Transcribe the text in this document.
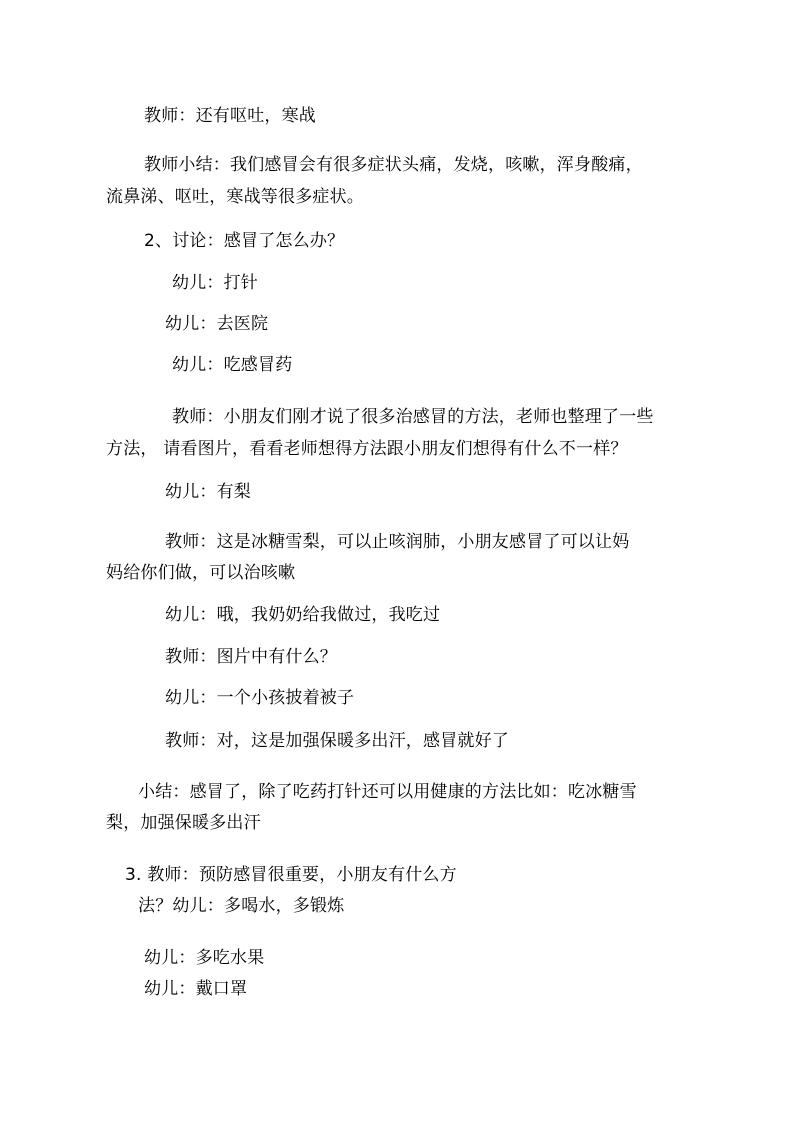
教师：还有呕吐，寒战

教师小结：我们感冒会有很多症状头痛，发烧，咳嗽，浑身酸痛，

流鼻涕、呕吐，寒战等很多症状。

2、讨论：感冒了怎么办？

幼儿：打针

幼儿：去医院

幼儿：吃感冒药

教师：小朋友们刚才说了很多治感冒的方法，老师也整理了一些

方法， 请看图片，看看老师想得方法跟小朋友们想得有什么不一样？

幼儿：有梨

教师：这是冰糖雪梨，可以止咳润肺，小朋友感冒了可以让妈

妈给你们做，可以治咳嗽

幼儿：哦，我奶奶给我做过，我吃过

教师：图片中有什么？

幼儿：一个小孩披着被子

教师：对，这是加强保暖多出汗，感冒就好了

小结：感冒了，除了吃药打针还可以用健康的方法比如：吃冰糖雪

梨，加强保暖多出汗

3. 教师：预防感冒很重要，小朋友有什么方

法？幼儿：多喝水，多锻炼

幼儿：多吃水果

幼儿：戴口罩
